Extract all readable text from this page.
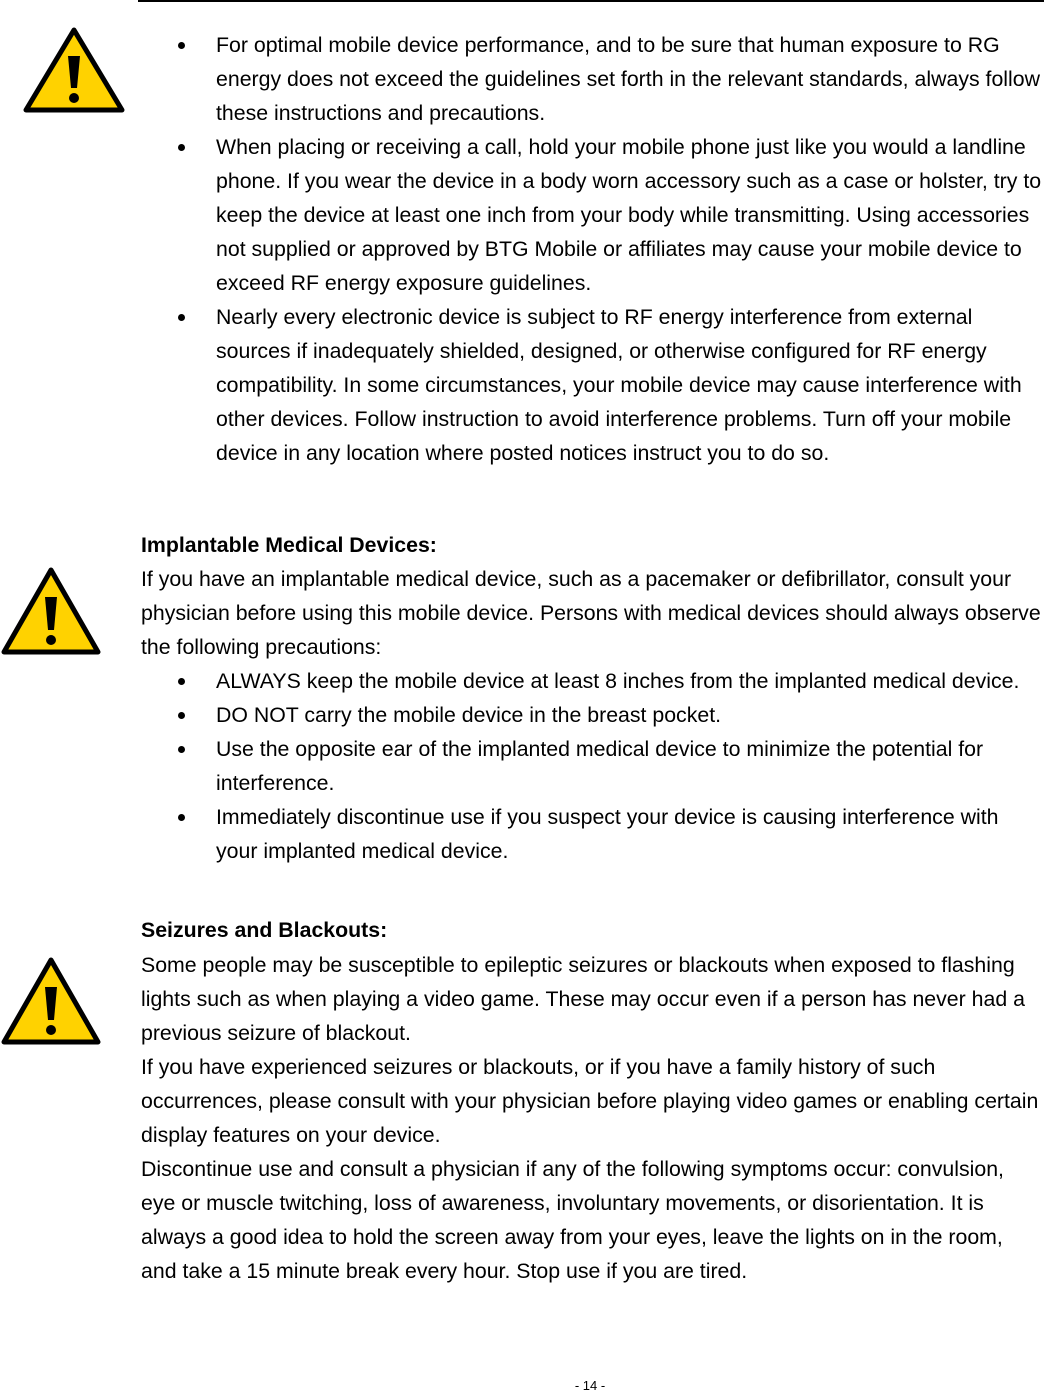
For optimal mobile device performance, and to be sure that human exposure to RG energy does not exceed the guidelines set forth in the relevant standards, always follow these instructions and precautions.
When placing or receiving a call, hold your mobile phone just like you would a landline phone. If you wear the device in a body worn accessory such as a case or holster, try to keep the device at least one inch from your body while transmitting. Using accessories not supplied or approved by BTG Mobile or affiliates may cause your mobile device to exceed RF energy exposure guidelines.
Nearly every electronic device is subject to RF energy interference from external sources if inadequately shielded, designed, or otherwise configured for RF energy compatibility. In some circumstances, your mobile device may cause interference with other devices. Follow instruction to avoid interference problems. Turn off your mobile device in any location where posted notices instruct you to do so.
Implantable Medical Devices:

If you have an implantable medical device, such as a pacemaker or defibrillator, consult your physician before using this mobile device. Persons with medical devices should always observe the following precautions:

ALWAYS keep the mobile device at least 8 inches from the implanted medical device.
DO NOT carry the mobile device in the breast pocket.
Use the opposite ear of the implanted medical device to minimize the potential for interference.
Immediately discontinue use if you suspect your device is causing interference with your implanted medical device.
Seizures and Blackouts:

Some people may be susceptible to epileptic seizures or blackouts when exposed to flashing lights such as when playing a video game. These may occur even if a person has never had a previous seizure of blackout.

If you have experienced seizures or blackouts, or if you have a family history of such occurrences, please consult with your physician before playing video games or enabling certain display features on your device.

Discontinue use and consult a physician if any of the following symptoms occur: convulsion, eye or muscle twitching, loss of awareness, involuntary movements, or disorientation. It is always a good idea to hold the screen away from your eyes, leave the lights on in the room, and take a 15 minute break every hour. Stop use if you are tired.

- 14 -
